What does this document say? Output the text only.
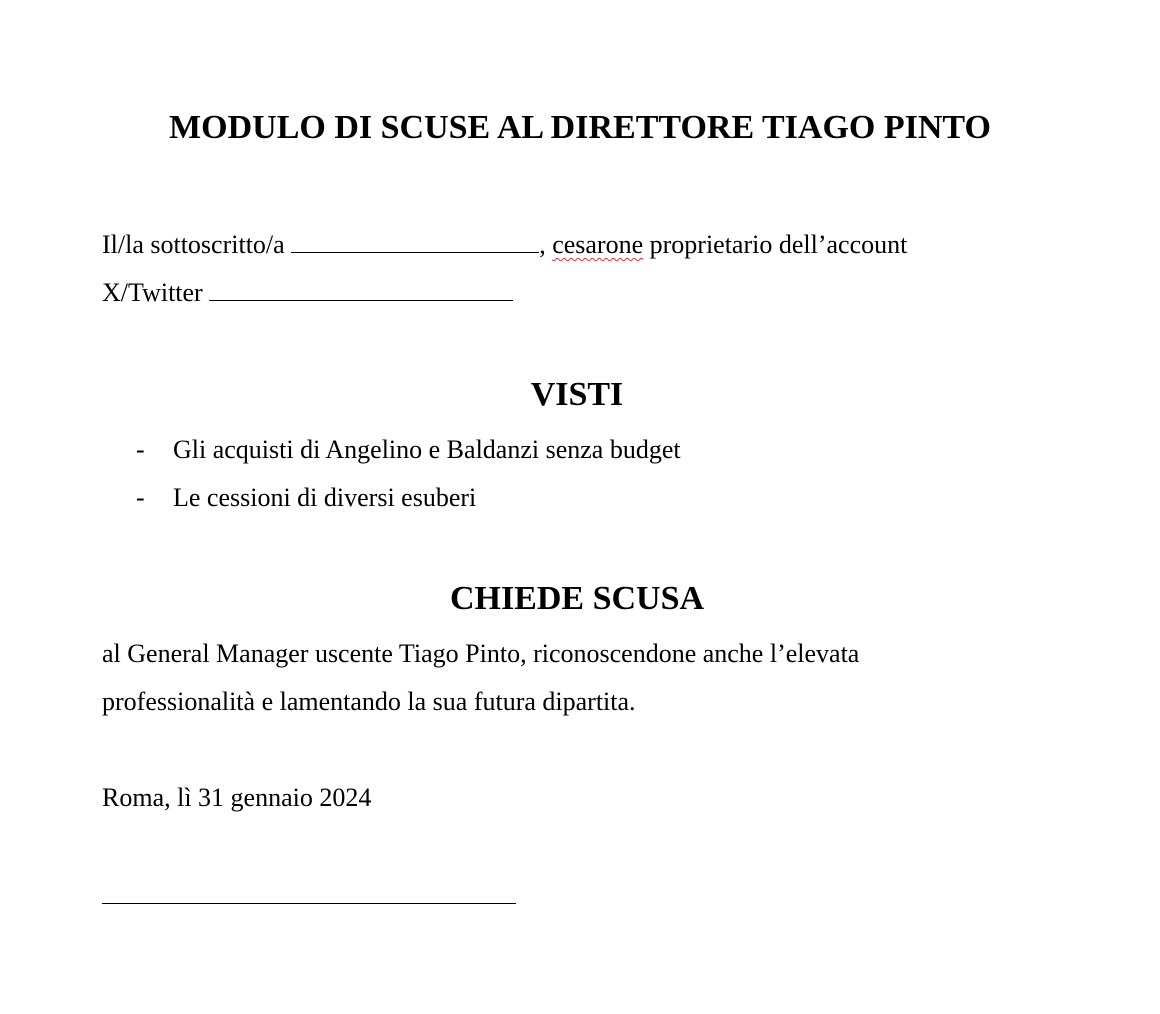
MODULO DI SCUSE AL DIRETTORE TIAGO PINTO

Il/la sottoscritto/a	, cesarone proprietario dell’account

X/Twitter

VISTI
-	Gli acquisti di Angelino e Baldanzi senza budget
-	Le cessioni di diversi esuberi
CHIEDE SCUSA

al General Manager uscente Tiago Pinto, riconoscendone anche l’elevata

professionalità e lamentando la sua futura dipartita.

Roma, lì 31 gennaio 2024
